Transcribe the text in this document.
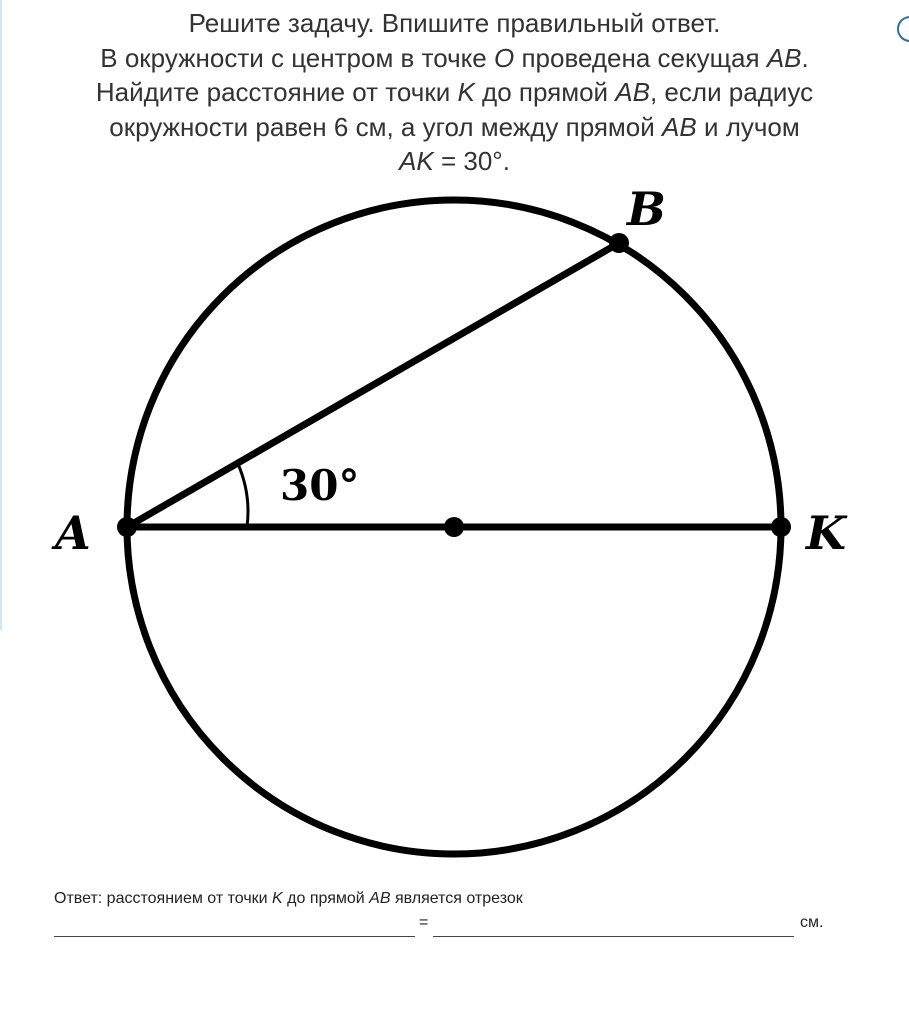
Решите задачу. Впишите правильный ответ.

В окружности с центром в точке O проведена секущая AB.

Найдите расстояние от точки K до прямой AB, если радиус

окружности равен 6 см, а угол между прямой AB и лучом

AK = 30°.

A
B
K
30°
Ответ: расстоянием от точки K до прямой AB является отрезок
=	см.
